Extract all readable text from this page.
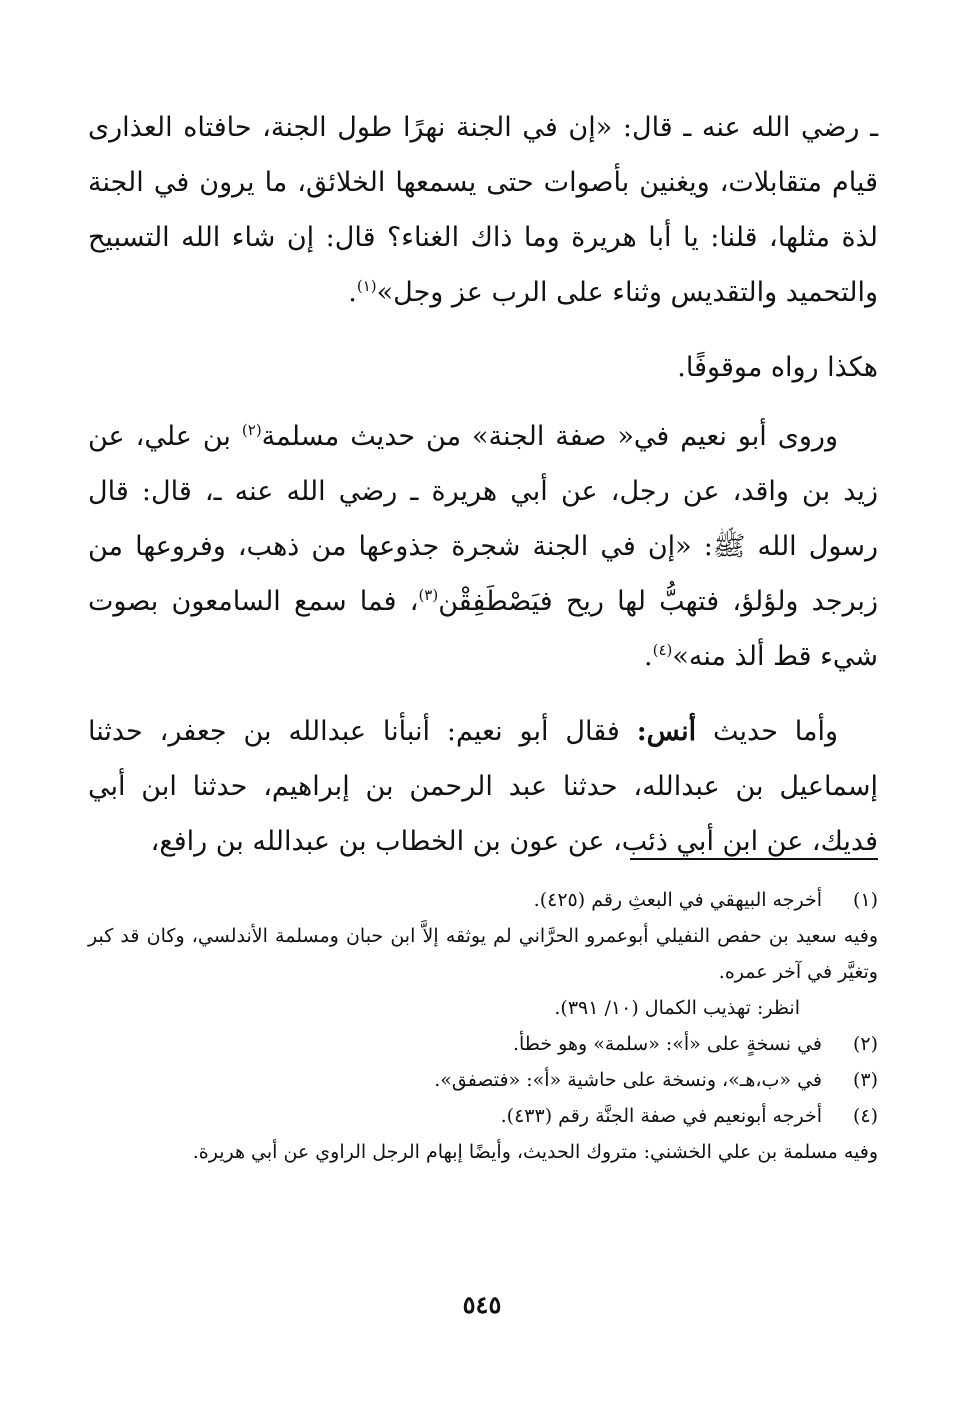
ـ رضي الله عنه ـ قال: «إن في الجنة نهرًا طول الجنة، حافتاه العذارى قيام متقابلات، ويغنين بأصوات حتى يسمعها الخلائق، ما يرون في الجنة لذة مثلها، قلنا: يا أبا هريرة وما ذاك الغناء؟ قال: إن شاء الله التسبيح والتحميد والتقديس وثناء على الرب عز وجل»$^{(١)}$.

هكذا رواه موقوفًا.

وروى أبو نعيم في« صفة الجنة» من حديث مسلمة$^{(٢)}$ بن علي، عن زيد بن واقد، عن رجل، عن أبي هريرة ـ رضي الله عنه ـ، قال: قال رسول الله ﷺ: «إن في الجنة شجرة جذوعها من ذهب، وفروعها من زبرجد ولؤلؤ، فتهبُّ لها ريح فيَصْطَفِقْن$^{(٣)}$، فما سمع السامعون بصوت شيء قط ألذ منه»$^{(٤)}$.

وأما حديث أنس: فقال أبو نعيم: أنبأنا عبدالله بن جعفر، حدثنا إسماعيل بن عبدالله، حدثنا عبد الرحمن بن إبراهيم، حدثنا ابن أبي فديك، عن ابن أبي ذئب، عن عون بن الخطاب بن عبدالله بن رافع،

(١)
أخرجه البيهقي في البعثِ رقم (٤٢٥).
وفيه سعيد بن حفص النفيلي أبوعمرو الحرَّاني لم يوثقه إلاَّ ابن حبان ومسلمة الأندلسي، وكان قد كبر وتغيَّر في آخر عمره.
انظر: تهذيب الكمال (١٠/ ٣٩١).
(٢)
في نسخةٍ على «أ»: «سلمة» وهو خطأ.
(٣)
في «ب،هـ»، ونسخة على حاشية «أ»: «فتصفق».
(٤)
أخرجه أبونعيم في صفة الجنَّة رقم (٤٣٣).
وفيه مسلمة بن علي الخشني: متروك الحديث، وأيضًا إبهام الرجل الراوي عن أبي هريرة.
٥٤٥
